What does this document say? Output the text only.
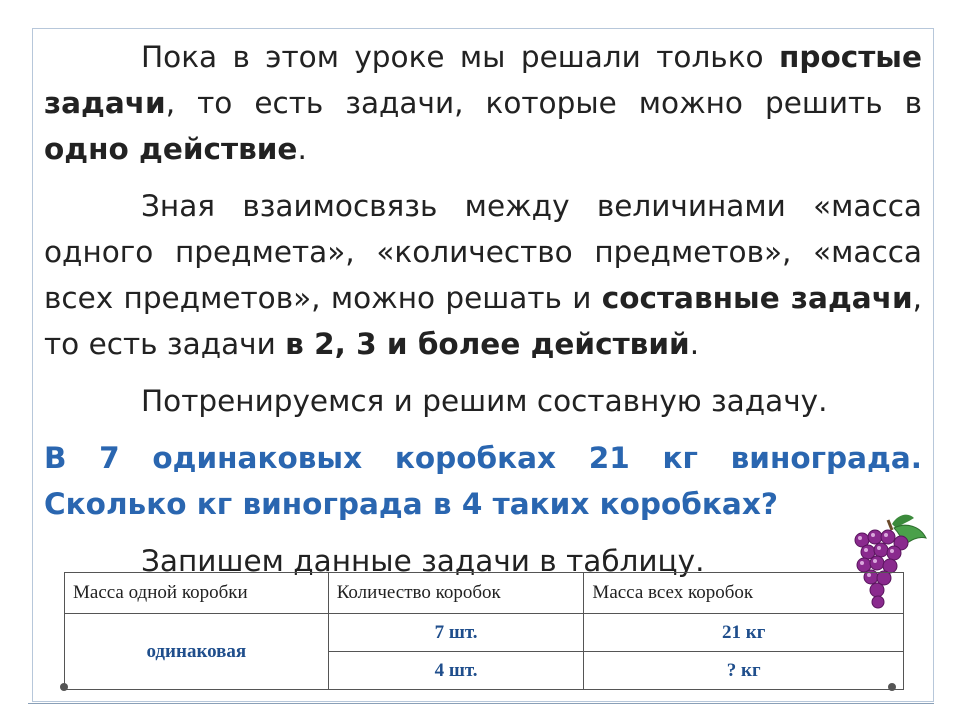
Пока в этом уроке мы решали только простые задачи, то есть задачи, которые можно решить в одно действие.

Зная взаимосвязь между величинами «масса одного предмета», «количество предметов», «масса всех предметов», можно решать и составные задачи, то есть задачи в 2, 3 и более действий.

Потренируемся и решим составную задачу.

В 7 одинаковых коробках 21 кг винограда. Сколько кг винограда в 4 таких коробках?

Запишем данные задачи в таблицу.

Масса одной коробки	Количество коробок	Масса всех коробок
одинаковая	7 шт.	21 кг
	4 шт.	? кг
